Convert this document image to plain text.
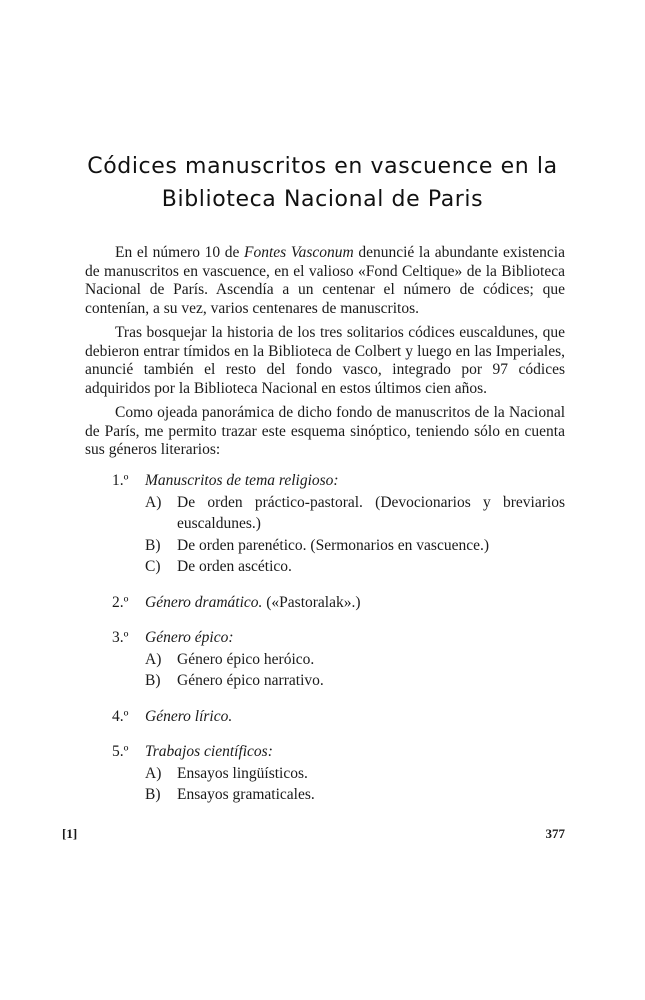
Códices manuscritos en vascuence en la
Biblioteca Nacional de Paris

En el número 10 de Fontes Vasconum denuncié la abundante existencia de manuscritos en vascuence, en el valioso «Fond Celtique» de la Biblioteca Nacional de París. Ascendía a un centenar el número de códices; que contenían, a su vez, varios centenares de manuscritos.

Tras bosquejar la historia de los tres solitarios códices euscaldunes, que debieron entrar tímidos en la Biblioteca de Colbert y luego en las Imperiales, anuncié también el resto del fondo vasco, integrado por 97 códices adquiridos por la Biblioteca Nacional en estos últimos cien años.

Como ojeada panorámica de dicho fondo de manuscritos de la Nacional de París, me permito trazar este esquema sinóptico, teniendo sólo en cuenta sus géneros literarios:

1.º Manuscritos de tema religioso:
A) De orden práctico-pastoral. (Devocionarios y breviarios euscaldunes.)
B) De orden parenético. (Sermonarios en vascuence.)
C) De orden ascético.
2.º Género dramático. («Pastoralak».)
3.º Género épico:
A) Género épico heróico.
B) Género épico narrativo.
4.º Género lírico.
5.º Trabajos científicos:
A) Ensayos lingüísticos.
B) Ensayos gramaticales.
[1]	377
